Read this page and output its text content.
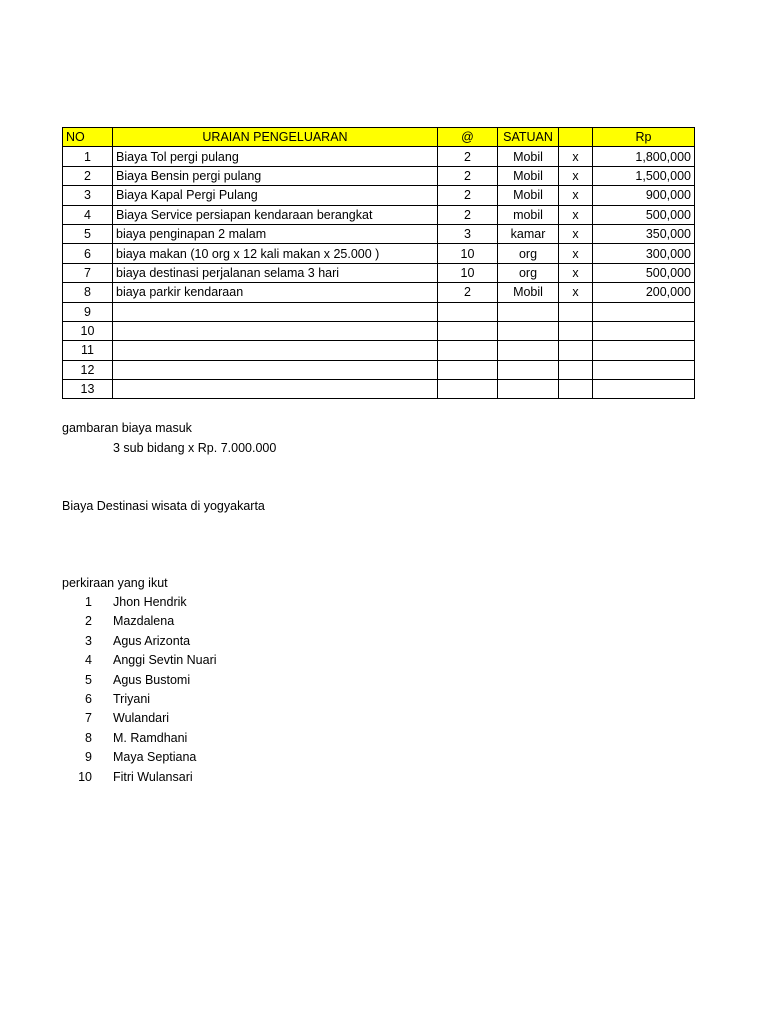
NO	URAIAN PENGELUARAN	@	SATUAN		Rp
1	Biaya Tol pergi pulang	2	Mobil	x	1,800,000
2	Biaya Bensin pergi pulang	2	Mobil	x	1,500,000
3	Biaya Kapal Pergi Pulang	2	Mobil	x	900,000
4	Biaya Service persiapan kendaraan berangkat	2	mobil	x	500,000
5	biaya penginapan 2 malam	3	kamar	x	350,000
6	biaya makan (10 org x 12 kali makan x 25.000 )	10	org	x	300,000
7	biaya destinasi perjalanan selama 3 hari	10	org	x	500,000
8	biaya parkir kendaraan	2	Mobil	x	200,000
9					
10					
11					
12					
13					
gambaran biaya masuk
3 sub bidang x Rp. 7.000.000
Biaya Destinasi wisata di yogyakarta
perkiraan yang ikut
1 Jhon Hendrik
2 Mazdalena
3 Agus Arizonta
4 Anggi Sevtin Nuari
5 Agus Bustomi
6 Triyani
7 Wulandari
8 M. Ramdhani
9 Maya Septiana
10 Fitri Wulansari
